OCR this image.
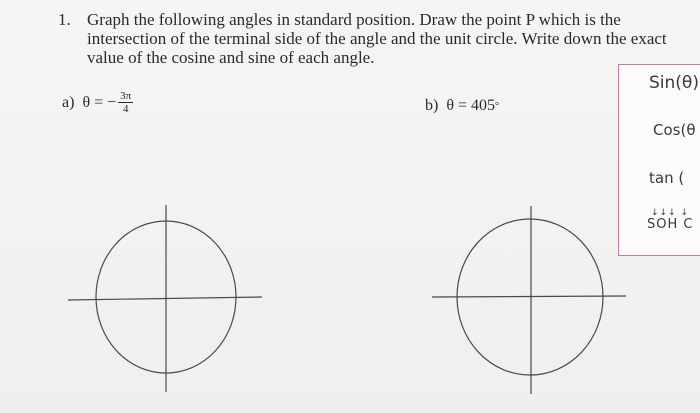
1. Graph the following angles in standard position. Draw the point P which is the
intersection of the terminal side of the angle and the unit circle. Write down the exact
value of the cosine and sine of each angle.
a) θ = − $\frac{3\pi}{4}$	b) θ = 405 °
Sin(θ)
Cos(θ
tan (
↓↓↓ ↓
SOH C
